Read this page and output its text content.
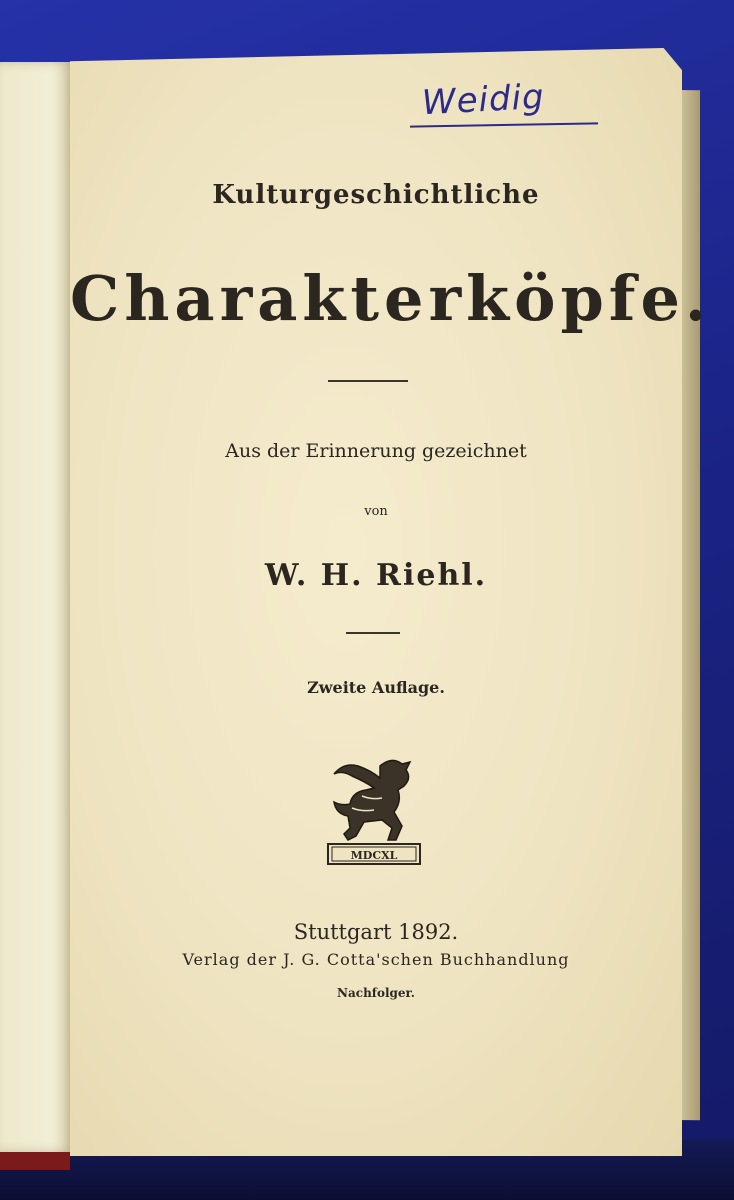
Weidig
Kulturgeschichtliche
Charakterköpfe.
Aus der Erinnerung gezeichnet
von
W. H. Riehl.
Zweite Auflage.
MDCXL
Stuttgart 1892.
Verlag der J. G. Cotta'schen Buchhandlung
Nachfolger.
